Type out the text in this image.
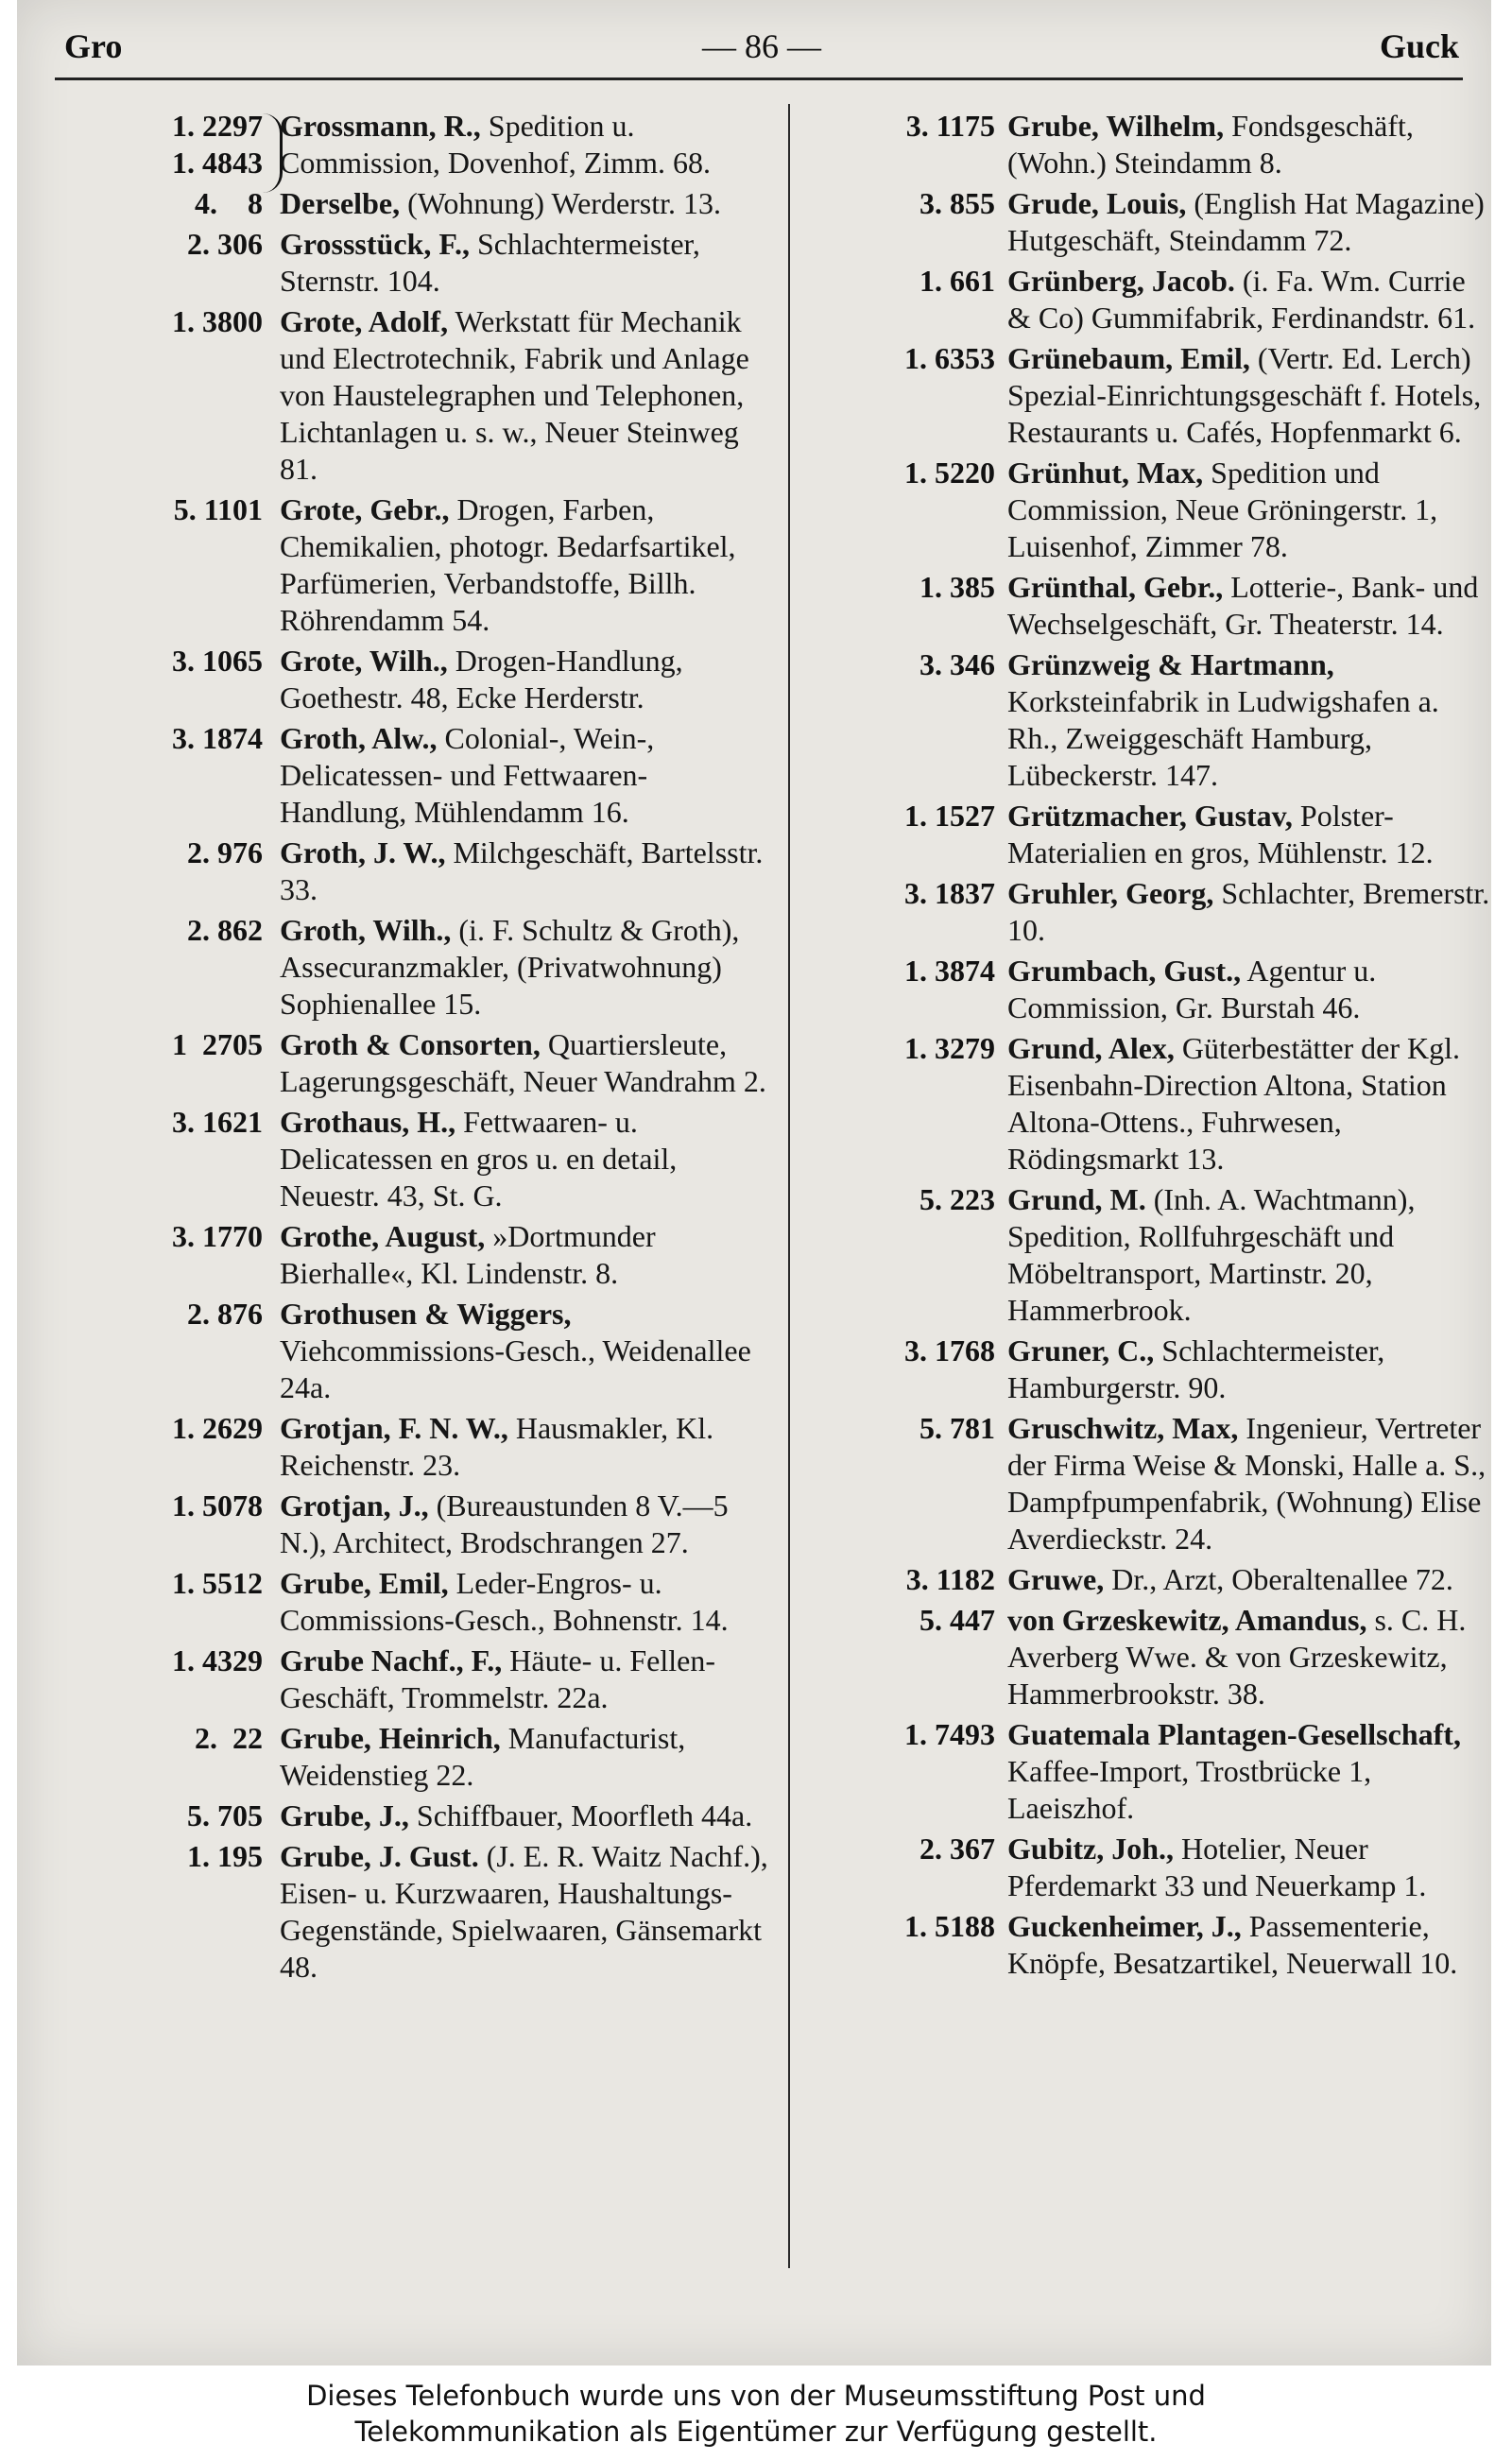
Gro	— 86 —	Guck
1. 2297
1. 4843
Grossmann, R., Spedition u. Commission, Dovenhof, Zimm. 68.
4.    8 Derselbe, (Wohnung) Werderstr. 13.
2. 306 Grossstück, F., Schlachtermeister, Sternstr. 104.
1. 3800 Grote, Adolf, Werkstatt für Mechanik und Electrotechnik, Fabrik und Anlage von Haustelegraphen und Telephonen, Lichtanlagen u. s. w., Neuer Steinweg 81.
5. 1101 Grote, Gebr., Drogen, Farben, Chemikalien, photogr. Bedarfsartikel, Parfümerien, Verbandstoffe, Billh. Röhrendamm 54.
3. 1065 Grote, Wilh., Drogen-Handlung, Goethestr. 48, Ecke Herderstr.
3. 1874 Groth, Alw., Colonial-, Wein-, Delicatessen- und Fettwaaren-Handlung, Mühlendamm 16.
2. 976 Groth, J. W., Milchgeschäft, Bartelsstr. 33.
2. 862 Groth, Wilh., (i. F. Schultz & Groth), Assecuranzmakler, (Privatwohnung) Sophienallee 15.
1  2705 Groth & Consorten, Quartiersleute, Lagerungsgeschäft, Neuer Wandrahm 2.
3. 1621 Grothaus, H., Fettwaaren- u. Delicatessen en gros u. en detail, Neuestr. 43, St. G.
3. 1770 Grothe, August, »Dortmunder Bierhalle«, Kl. Lindenstr. 8.
2. 876 Grothusen & Wiggers, Viehcommissions-Gesch., Weidenallee 24a.
1. 2629 Grotjan, F. N. W., Hausmakler, Kl. Reichenstr. 23.
1. 5078 Grotjan, J., (Bureaustunden 8 V.—5 N.), Architect, Brodschrangen 27.
1. 5512 Grube, Emil, Leder-Engros- u. Commissions-Gesch., Bohnenstr. 14.
1. 4329 Grube Nachf., F., Häute- u. Fellen-Geschäft, Trommelstr. 22a.
2.  22 Grube, Heinrich, Manufacturist, Weidenstieg 22.
5. 705 Grube, J., Schiffbauer, Moorfleth 44a.
1. 195 Grube, J. Gust. (J. E. R. Waitz Nachf.), Eisen- u. Kurzwaaren, Haushaltungs-Gegenstände, Spielwaaren, Gänsemarkt 48.
3. 1175 Grube, Wilhelm, Fondsgeschäft, (Wohn.) Steindamm 8.
3. 855 Grude, Louis, (English Hat Magazine) Hutgeschäft, Steindamm 72.
1. 661 Grünberg, Jacob. (i. Fa. Wm. Currie & Co) Gummifabrik, Ferdinandstr. 61.
1. 6353 Grünebaum, Emil, (Vertr. Ed. Lerch) Spezial-Einrichtungsgeschäft f. Hotels, Restaurants u. Cafés, Hopfenmarkt 6.
1. 5220 Grünhut, Max, Spedition und Commission, Neue Gröningerstr. 1, Luisenhof, Zimmer 78.
1. 385 Grünthal, Gebr., Lotterie-, Bank- und Wechselgeschäft, Gr. Theaterstr. 14.
3. 346 Grünzweig & Hartmann, Korksteinfabrik in Ludwigshafen a. Rh., Zweiggeschäft Hamburg, Lübeckerstr. 147.
1. 1527 Grützmacher, Gustav, Polster-Materialien en gros, Mühlenstr. 12.
3. 1837 Gruhler, Georg, Schlachter, Bremerstr. 10.
1. 3874 Grumbach, Gust., Agentur u. Commission, Gr. Burstah 46.
1. 3279 Grund, Alex, Güterbestätter der Kgl. Eisenbahn-Direction Altona, Station Altona-Ottens., Fuhrwesen, Rödingsmarkt 13.
5. 223 Grund, M. (Inh. A. Wachtmann), Spedition, Rollfuhrgeschäft und Möbeltransport, Martinstr. 20, Hammerbrook.
3. 1768 Gruner, C., Schlachtermeister, Hamburgerstr. 90.
5. 781 Gruschwitz, Max, Ingenieur, Vertreter der Firma Weise & Monski, Halle a. S., Dampfpumpenfabrik, (Wohnung) Elise Averdieckstr. 24.
3. 1182 Gruwe, Dr., Arzt, Oberaltenallee 72.
5. 447 von Grzeskewitz, Amandus, s. C. H. Averberg Wwe. & von Grzeskewitz, Hammerbrookstr. 38.
1. 7493 Guatemala Plantagen-Gesellschaft, Kaffee-Import, Trostbrücke 1, Laeiszhof.
2. 367 Gubitz, Joh., Hotelier, Neuer Pferdemarkt 33 und Neuerkamp 1.
1. 5188 Guckenheimer, J., Passementerie, Knöpfe, Besatzartikel, Neuerwall 10.
Dieses Telefonbuch wurde uns von der Museumsstiftung Post und
Telekommunikation als Eigentümer zur Verfügung gestellt.
